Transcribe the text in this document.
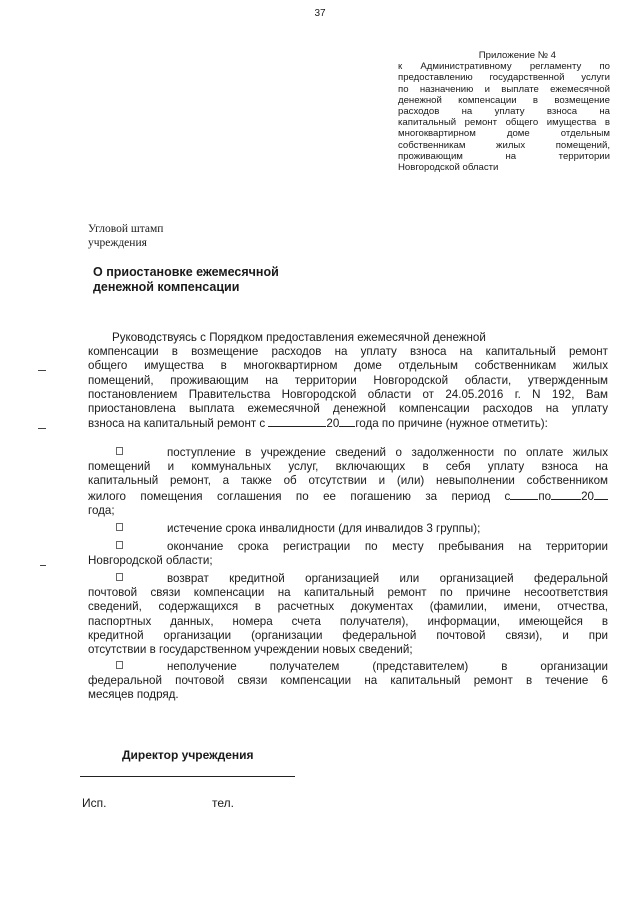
37
Приложение № 4
к Административному регламенту по
предоставлению государственной услуги
по назначению и выплате ежемесячной
денежной компенсации в возмещение
расходов на уплату взноса на
капитальный ремонт общего имущества в
многоквартирном доме отдельным
собственникам жилых помещений,
проживающим на территории
Новгородской области
Угловой штамп
учреждения
О приостановке ежемесячной
денежной компенсации
Руководствуясь с Порядком предоставления ежемесячной денежной
компенсации в возмещение расходов на уплату взноса на капитальный ремонт
общего имущества в многоквартирном доме отдельным собственникам жилых
помещений, проживающим на территории Новгородской области, утвержденным
постановлением Правительства Новгородской области от 24.05.2016 г. N 192, Вам
приостановлена выплата ежемесячной денежной компенсации расходов на уплату
взноса на капитальный ремонт с	20 года по причине (нужное отметить):
поступление в учреждение сведений о задолженности по оплате жилых
помещений и коммунальных услуг, включающих в себя уплату взноса на
капитальный ремонт, а также об отсутствии и (или) невыполнении собственником
жилого помещения соглашения по ее погашению за период с по	20
года;
истечение срока инвалидности (для инвалидов 3 группы);
окончание срока регистрации по месту пребывания на территории
Новгородской области;
возврат кредитной организацией или организацией федеральной
почтовой связи компенсации на капитальный ремонт по причине несоответствия
сведений, содержащихся в расчетных документах (фамилии, имени, отчества,
паспортных данных, номера счета получателя), информации, имеющейся в
кредитной организации (организации федеральной почтовой связи), и при
отсутствии в государственном учреждении новых сведений;
неполучение получателем (представителем) в организации
федеральной почтовой связи компенсации на капитальный ремонт в течение 6
месяцев подряд.
Директор учреждения
Исп.	тел.
